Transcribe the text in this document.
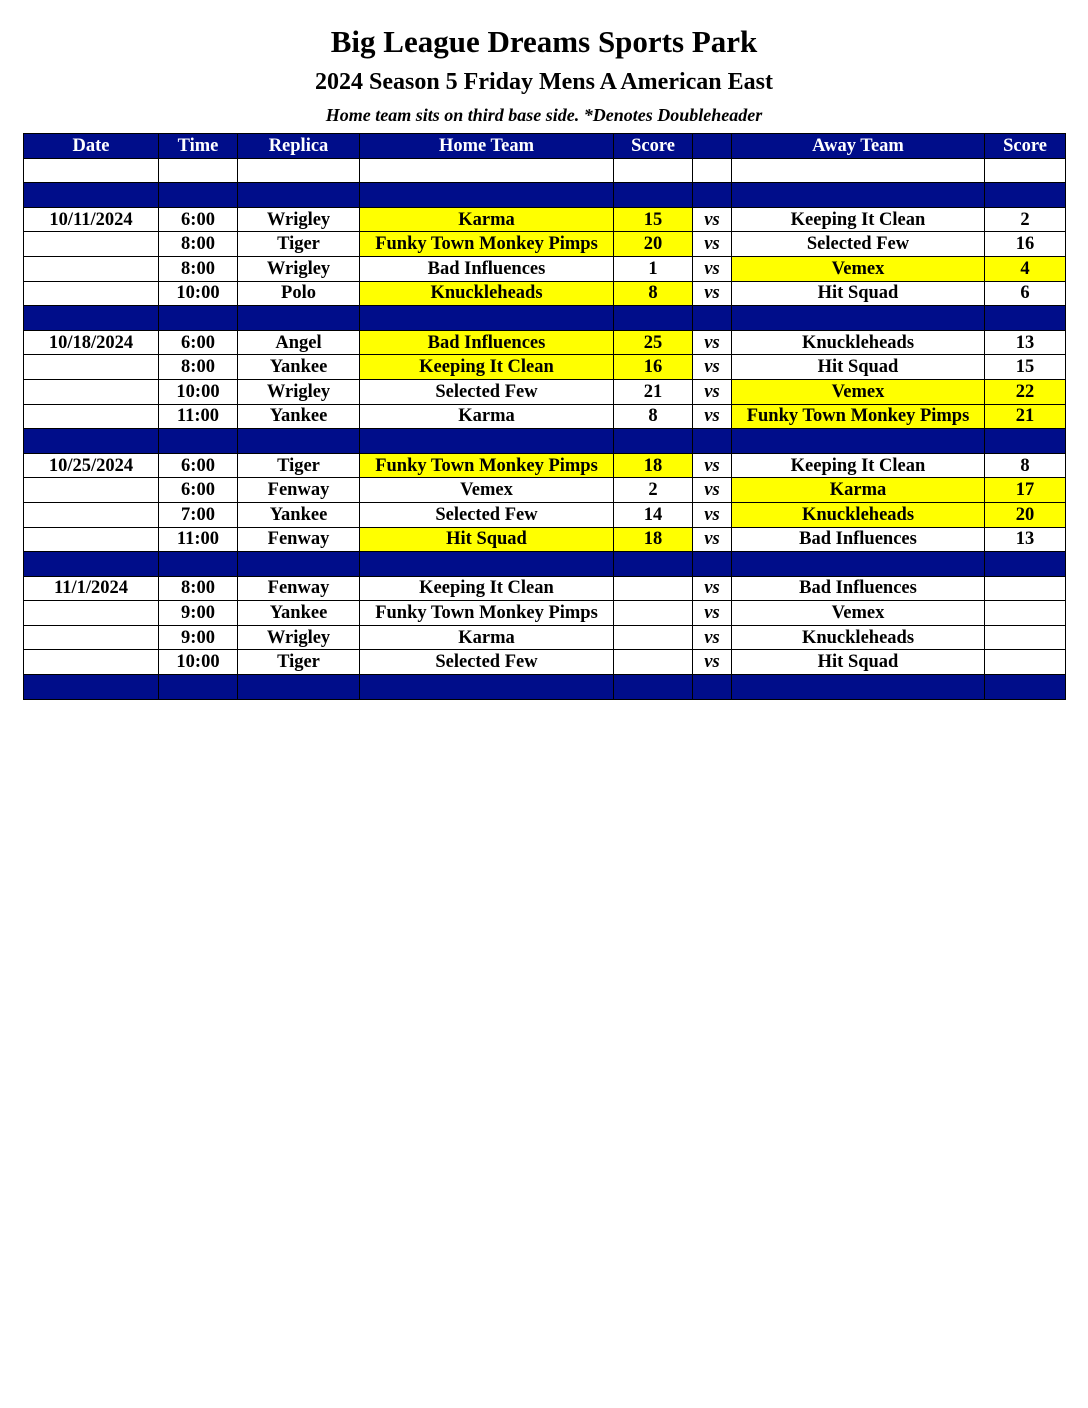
Big League Dreams Sports Park
2024 Season 5 Friday Mens A American East
Home team sits on third base side. *Denotes Doubleheader
Date	Time	Replica	Home Team	Score		Away Team	Score

10/11/2024	6:00	Wrigley	Karma	15	vs	Keeping It Clean	2
	8:00	Tiger	Funky Town Monkey Pimps	20	vs	Selected Few	16
	8:00	Wrigley	Bad Influences	1	vs	Vemex	4
	10:00	Polo	Knuckleheads	8	vs	Hit Squad	6

10/18/2024	6:00	Angel	Bad Influences	25	vs	Knuckleheads	13
	8:00	Yankee	Keeping It Clean	16	vs	Hit Squad	15
	10:00	Wrigley	Selected Few	21	vs	Vemex	22
	11:00	Yankee	Karma	8	vs	Funky Town Monkey Pimps	21

10/25/2024	6:00	Tiger	Funky Town Monkey Pimps	18	vs	Keeping It Clean	8
	6:00	Fenway	Vemex	2	vs	Karma	17
	7:00	Yankee	Selected Few	14	vs	Knuckleheads	20
	11:00	Fenway	Hit Squad	18	vs	Bad Influences	13

11/1/2024	8:00	Fenway	Keeping It Clean		vs	Bad Influences	
	9:00	Yankee	Funky Town Monkey Pimps		vs	Vemex	
	9:00	Wrigley	Karma		vs	Knuckleheads	
	10:00	Tiger	Selected Few		vs	Hit Squad	
